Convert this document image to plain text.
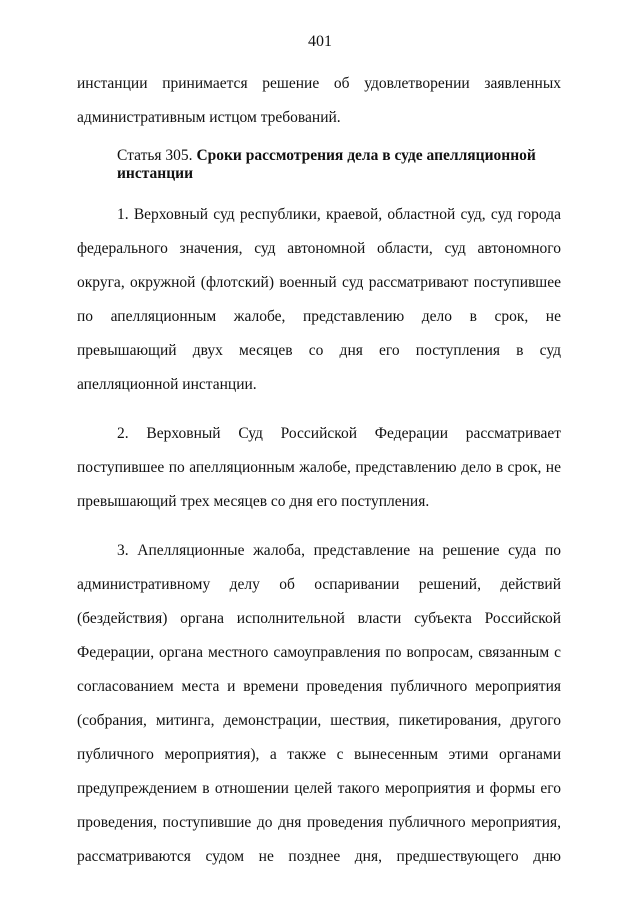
401

инстанции принимается решение об удовлетворении заявленных

административным истцом требований.

Статья 305. Сроки рассмотрения дела в суде апелляционной
инстанции

1. Верховный суд республики, краевой, областной суд, суд города федерального значения, суд автономной области, суд автономного округа, окружной (флотский) военный суд рассматривают поступившее по апелляционным жалобе, представлению дело в срок, не превышающий двух месяцев со дня его поступления в суд апелляционной инстанции.

2. Верховный Суд Российской Федерации рассматривает поступившее по апелляционным жалобе, представлению дело в срок, не превышающий трех месяцев со дня его поступления.

3. Апелляционные жалоба, представление на решение суда по административному делу об оспаривании решений, действий (бездействия) органа исполнительной власти субъекта Российской Федерации, органа местного самоуправления по вопросам, связанным с согласованием места и времени проведения публичного мероприятия (собрания, митинга, демонстрации, шествия, пикетирования, другого публичного мероприятия), а также с вынесенным этими органами предупреждением в отношении целей такого мероприятия и формы его проведения, поступившие до дня проведения публичного мероприятия, рассматриваются судом не позднее дня, предшествующего дню
